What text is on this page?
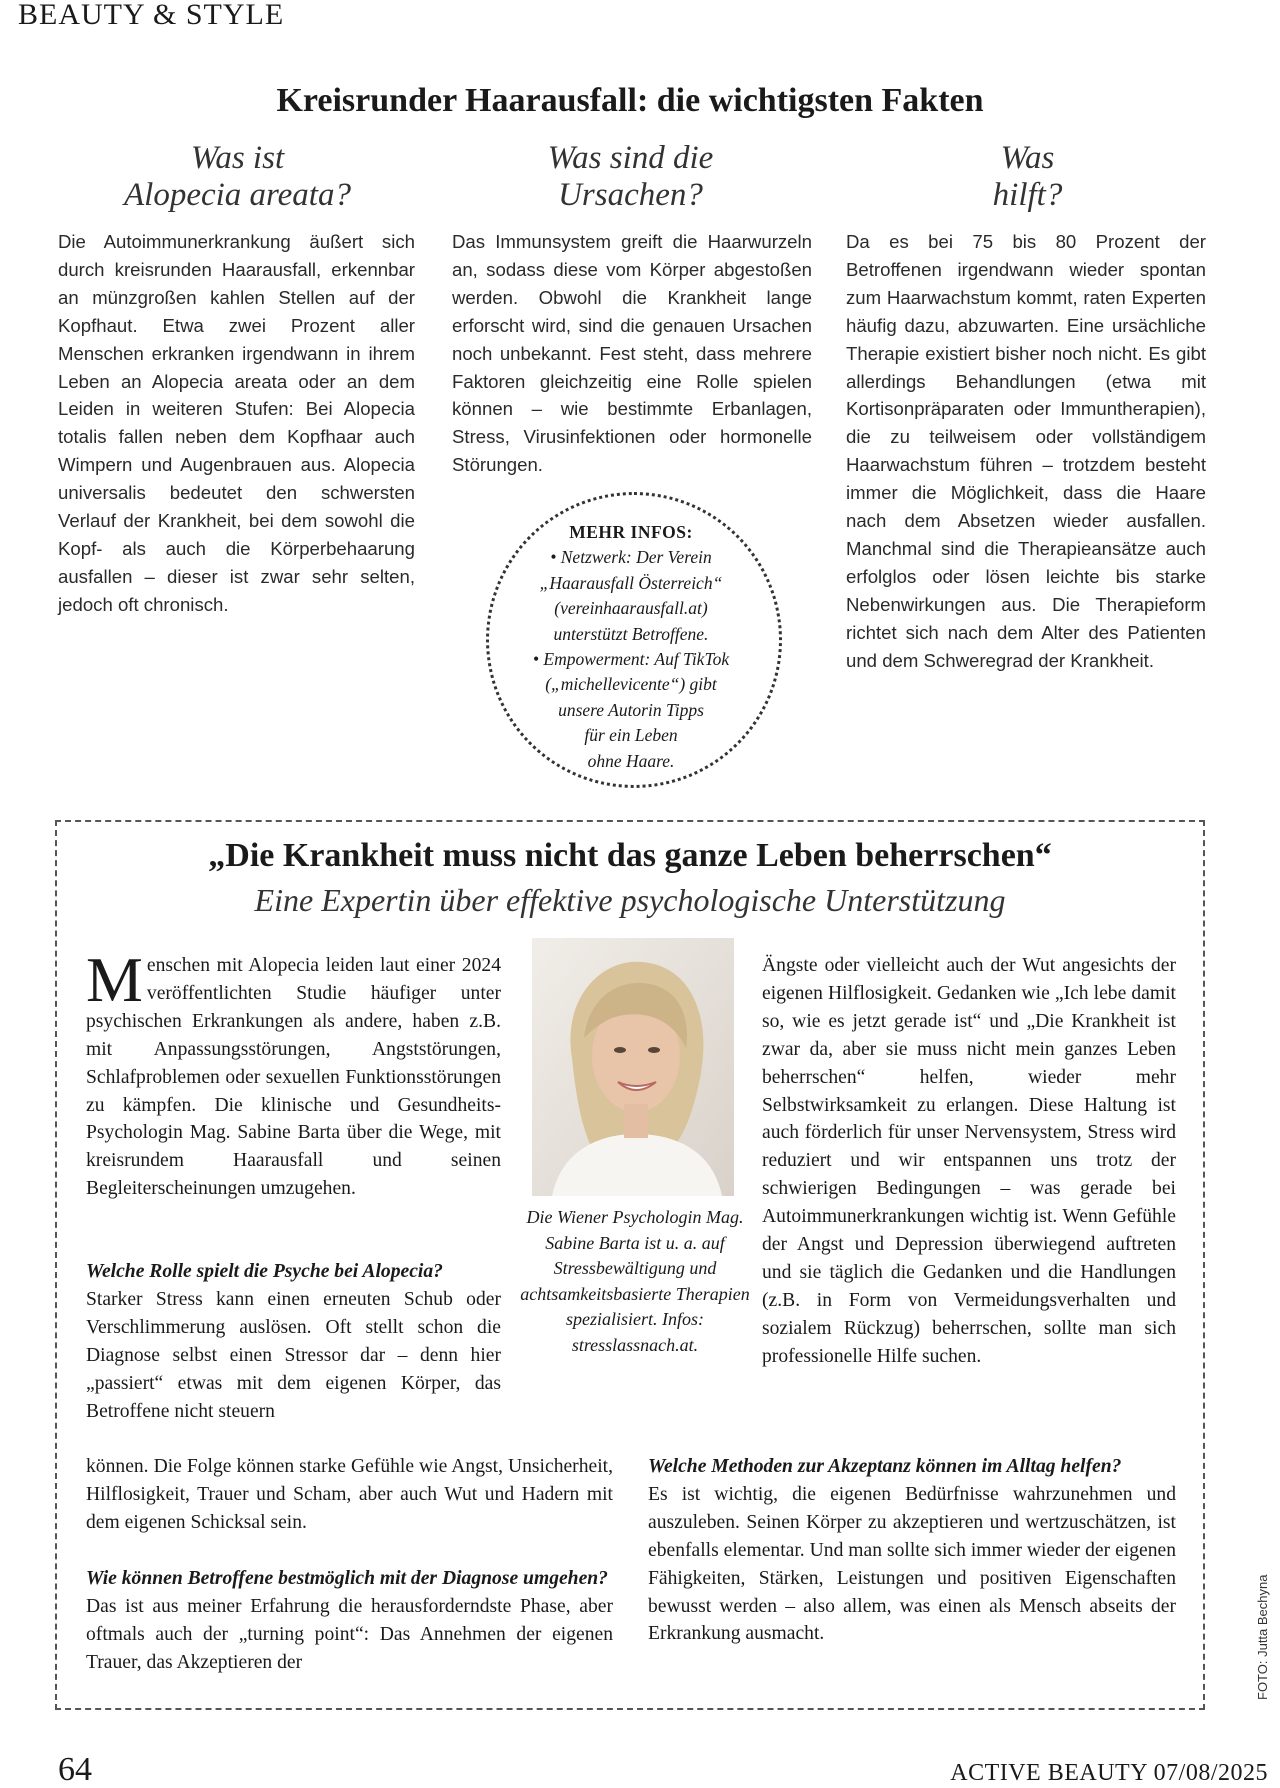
BEAUTY & STYLE
Kreisrunder Haarausfall: die wichtigsten Fakten
Was ist
Alopecia areata?
Die Autoimmunerkrankung äußert sich durch kreisrunden Haarausfall, erkennbar an münzgroßen kahlen Stellen auf der Kopfhaut. Etwa zwei Prozent aller Menschen erkranken irgendwann in ihrem Leben an Alopecia areata oder an dem Leiden in weiteren Stufen: Bei Alopecia totalis fallen neben dem Kopfhaar auch Wimpern und Augenbrauen aus. Alopecia universalis bedeutet den schwersten Verlauf der Krankheit, bei dem sowohl die Kopf- als auch die Körperbehaarung ausfallen – dieser ist zwar sehr selten, jedoch oft chronisch.
Was sind die
Ursachen?
Das Immunsystem greift die Haarwurzeln an, sodass diese vom Körper abgestoßen werden. Obwohl die Krankheit lange erforscht wird, sind die genauen Ursachen noch unbekannt. Fest steht, dass mehrere Faktoren gleichzeitig eine Rolle spielen können – wie bestimmte Erbanlagen, Stress, Virusinfektionen oder hormonelle Störungen.
Was
hilft?
Da es bei 75 bis 80 Prozent der Betroffenen irgendwann wieder spontan zum Haarwachstum kommt, raten Experten häufig dazu, abzuwarten. Eine ursächliche Therapie existiert bisher noch nicht. Es gibt allerdings Behandlungen (etwa mit Kortisonpräparaten oder Immuntherapien), die zu teilweisem oder vollständigem Haarwachstum führen – trotzdem besteht immer die Möglichkeit, dass die Haare nach dem Absetzen wieder ausfallen. Manchmal sind die Therapieansätze auch erfolglos oder lösen leichte bis starke Nebenwirkungen aus. Die Therapieform richtet sich nach dem Alter des Patienten und dem Schweregrad der Krankheit.
MEHR INFOS:
• Netzwerk: Der Verein
„Haarausfall Österreich“
(vereinhaarausfall.at)
unterstützt Betroffene.
• Empowerment: Auf TikTok
(„michellevicente“) gibt
unsere Autorin Tipps
für ein Leben
ohne Haare.
„Die Krankheit muss nicht das ganze Leben beherrschen“
Eine Expertin über effektive psychologische Unterstützung
Menschen mit Alopecia leiden laut einer 2024 veröffentlichten Studie häufiger unter psychischen Erkrankungen als andere, haben z.B. mit Anpassungsstörungen, Angststörungen, Schlafproblemen oder sexuellen Funktionsstörungen zu kämpfen. Die klinische und Gesundheits-Psychologin Mag. Sabine Barta über die Wege, mit kreisrundem Haarausfall und seinen Begleiterscheinungen umzugehen.
Welche Rolle spielt die Psyche bei Alopecia?
Starker Stress kann einen erneuten Schub oder Verschlimmerung auslösen. Oft stellt schon die Diagnose selbst einen Stressor dar – denn hier „passiert“ etwas mit dem eigenen Körper, das Betroffene nicht steuern
können. Die Folge können starke Gefühle wie Angst, Unsicherheit, Hilflosigkeit, Trauer und Scham, aber auch Wut und Hadern mit dem eigenen Schicksal sein.
Wie können Betroffene bestmöglich mit der Diagnose umgehen?
Das ist aus meiner Erfahrung die herausforderndste Phase, aber oftmals auch der „turning point“: Das Annehmen der eigenen Trauer, das Akzeptieren der
Die Wiener Psychologin Mag. Sabine Barta ist u. a. auf Stressbewältigung und achtsamkeitsbasierte Therapien spezialisiert. Infos: stresslassnach.at.
Ängste oder vielleicht auch der Wut angesichts der eigenen Hilflosigkeit. Gedanken wie „Ich lebe damit so, wie es jetzt gerade ist“ und „Die Krankheit ist zwar da, aber sie muss nicht mein ganzes Leben beherrschen“ helfen, wieder mehr Selbstwirksamkeit zu erlangen. Diese Haltung ist auch förderlich für unser Nervensystem, Stress wird reduziert und wir entspannen uns trotz der schwierigen Bedingungen – was gerade bei Autoimmunerkrankungen wichtig ist. Wenn Gefühle der Angst und Depression überwiegend auftreten und sie täglich die Gedanken und die Handlungen (z.B. in Form von Vermeidungsverhalten und sozialem Rückzug) beherrschen, sollte man sich professionelle Hilfe suchen.
Welche Methoden zur Akzeptanz können im Alltag helfen?
Es ist wichtig, die eigenen Bedürfnisse wahrzunehmen und auszuleben. Seinen Körper zu akzeptieren und wertzuschätzen, ist ebenfalls elementar. Und man sollte sich immer wieder der eigenen Fähigkeiten, Stärken, Leistungen und positiven Eigenschaften bewusst werden – also allem, was einen als Mensch abseits der Erkrankung ausmacht.	FOTO: Jutta Bechyna
64	ACTIVE BEAUTY 07/08/2025
